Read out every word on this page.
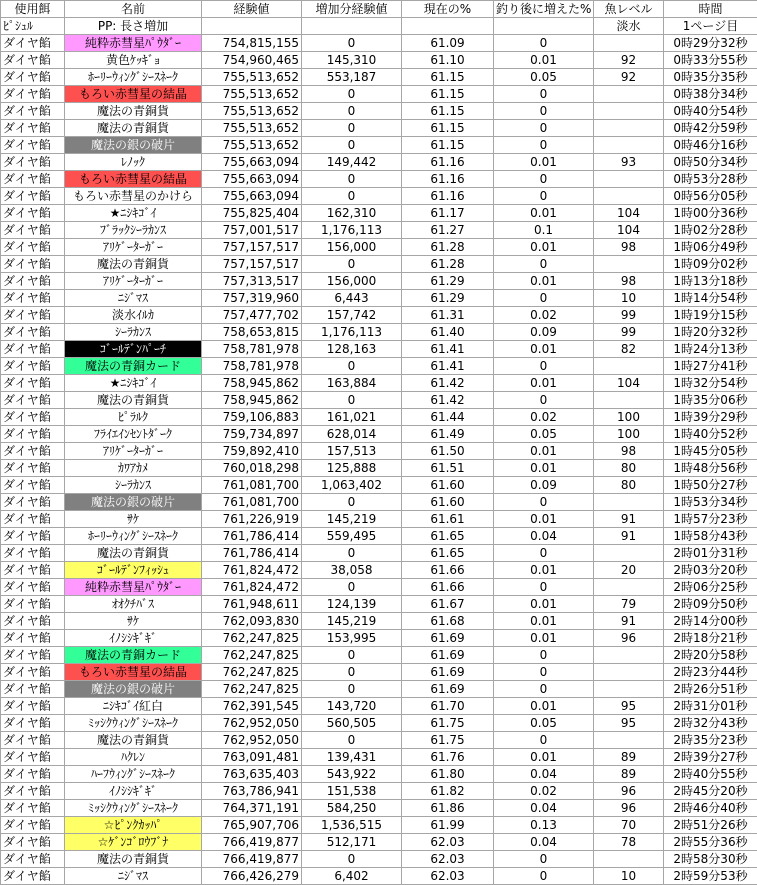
使用餌	名前	経験値	増加分経験値	現在の%	釣り後に増えた%	魚レベル	時間
ﾋﾟｼｭﾙ	PP: 長さ増加					淡水	1ページ目
ダイヤ餡	純粋赤彗星ﾊﾟｳﾀﾞｰ	754,815,155	0	61.09	0		0時29分32秒
ダイヤ餡	黄色ｹｯｷﾞｮ	754,960,465	145,310	61.10	0.01	92	0時33分55秒
ダイヤ餡	ﾎｰﾘｰｳｨﾝｸﾞｼｰｽﾈｰｸ	755,513,652	553,187	61.15	0.05	92	0時35分35秒
ダイヤ餡	もろい赤彗星の結晶	755,513,652	0	61.15	0		0時38分34秒
ダイヤ餡	魔法の青銅貨	755,513,652	0	61.15	0		0時40分54秒
ダイヤ餡	魔法の青銅貨	755,513,652	0	61.15	0		0時42分59秒
ダイヤ餡	魔法の銀の破片	755,513,652	0	61.15	0		0時46分16秒
ダイヤ餡	ﾚﾉｯｸ	755,663,094	149,442	61.16	0.01	93	0時50分34秒
ダイヤ餡	もろい赤彗星の結晶	755,663,094	0	61.16	0		0時53分28秒
ダイヤ餡	もろい赤彗星のかけら	755,663,094	0	61.16	0		0時56分05秒
ダイヤ餡	★ﾆｼｷｺﾞｲ	755,825,404	162,310	61.17	0.01	104	1時00分36秒
ダイヤ餡	ﾌﾞﾗｯｸｼｰﾗｶﾝｽ	757,001,517	1,176,113	61.27	0.1	104	1時02分28秒
ダイヤ餡	ｱﾘｹﾞｰﾀｰｶﾞｰ	757,157,517	156,000	61.28	0.01	98	1時06分49秒
ダイヤ餡	魔法の青銅貨	757,157,517	0	61.28	0		1時09分02秒
ダイヤ餡	ｱﾘｹﾞｰﾀｰｶﾞｰ	757,313,517	156,000	61.29	0.01	98	1時13分18秒
ダイヤ餡	ﾆｼﾞﾏｽ	757,319,960	6,443	61.29	0	10	1時14分54秒
ダイヤ餡	淡水ｲﾙｶ	757,477,702	157,742	61.31	0.02	99	1時19分15秒
ダイヤ餡	ｼｰﾗｶﾝｽ	758,653,815	1,176,113	61.40	0.09	99	1時20分32秒
ダイヤ餡	ｺﾞｰﾙﾃﾞﾝﾊﾟｰﾁ	758,781,978	128,163	61.41	0.01	82	1時24分13秒
ダイヤ餡	魔法の青銅カード	758,781,978	0	61.41	0		1時27分41秒
ダイヤ餡	★ﾆｼｷｺﾞｲ	758,945,862	163,884	61.42	0.01	104	1時32分54秒
ダイヤ餡	魔法の青銅貨	758,945,862	0	61.42	0		1時35分06秒
ダイヤ餡	ﾋﾟﾗﾙｸ	759,106,883	161,021	61.44	0.02	100	1時39分29秒
ダイヤ餡	ﾌﾗｲｴｲﾝｾﾝﾄﾀﾞｰｸ	759,734,897	628,014	61.49	0.05	100	1時40分52秒
ダイヤ餡	ｱﾘｹﾞｰﾀｰｶﾞｰ	759,892,410	157,513	61.50	0.01	98	1時45分05秒
ダイヤ餡	ｶﾜｱｶﾒ	760,018,298	125,888	61.51	0.01	80	1時48分56秒
ダイヤ餡	ｼｰﾗｶﾝｽ	761,081,700	1,063,402	61.60	0.09	80	1時50分27秒
ダイヤ餡	魔法の銀の破片	761,081,700	0	61.60	0		1時53分34秒
ダイヤ餡	ｻｹ	761,226,919	145,219	61.61	0.01	91	1時57分23秒
ダイヤ餡	ﾎｰﾘｰｳｨﾝｸﾞｼｰｽﾈｰｸ	761,786,414	559,495	61.65	0.04	91	1時58分43秒
ダイヤ餡	魔法の青銅貨	761,786,414	0	61.65	0		2時01分31秒
ダイヤ餡	ｺﾞｰﾙﾃﾞﾝﾌｨｯｼｭ	761,824,472	38,058	61.66	0.01	20	2時03分20秒
ダイヤ餡	純粋赤彗星ﾊﾟｳﾀﾞｰ	761,824,472	0	61.66	0		2時06分25秒
ダイヤ餡	ｵｵｸﾁﾊﾞｽ	761,948,611	124,139	61.67	0.01	79	2時09分50秒
ダイヤ餡	ｻｹ	762,093,830	145,219	61.68	0.01	91	2時14分00秒
ダイヤ餡	ｲﾉｼｼｷﾞｷﾞ	762,247,825	153,995	61.69	0.01	96	2時18分21秒
ダイヤ餡	魔法の青銅カード	762,247,825	0	61.69	0		2時20分58秒
ダイヤ餡	もろい赤彗星の結晶	762,247,825	0	61.69	0		2時23分44秒
ダイヤ餡	魔法の銀の破片	762,247,825	0	61.69	0		2時26分51秒
ダイヤ餡	ﾆｼｷｺﾞｲ紅白	762,391,545	143,720	61.70	0.01	95	2時31分01秒
ダイヤ餡	ﾐｯｼｸｳｨﾝｸﾞｼｰｽﾈｰｸ	762,952,050	560,505	61.75	0.05	95	2時32分43秒
ダイヤ餡	魔法の青銅貨	762,952,050	0	61.75	0		2時35分23秒
ダイヤ餡	ﾊｸﾚﾝ	763,091,481	139,431	61.76	0.01	89	2時39分27秒
ダイヤ餡	ﾊｰﾌｳｨﾝｸﾞｼｰｽﾈｰｸ	763,635,403	543,922	61.80	0.04	89	2時40分55秒
ダイヤ餡	ｲﾉｼｼｷﾞｷﾞ	763,786,941	151,538	61.82	0.02	96	2時45分20秒
ダイヤ餡	ﾐｯｼｸｳｨﾝｸﾞｼｰｽﾈｰｸ	764,371,191	584,250	61.86	0.04	96	2時46分40秒
ダイヤ餡	☆ﾋﾟﾝｸｶｯﾊﾟ	765,907,706	1,536,515	61.99	0.13	70	2時51分26秒
ダイヤ餡	☆ｹﾞﾝｺﾞﾛｳﾌﾞﾅ	766,419,877	512,171	62.03	0.04	78	2時55分36秒
ダイヤ餡	魔法の青銅貨	766,419,877	0	62.03	0		2時58分30秒
ダイヤ餡	ﾆｼﾞﾏｽ	766,426,279	6,402	62.03	0	10	2時59分53秒
